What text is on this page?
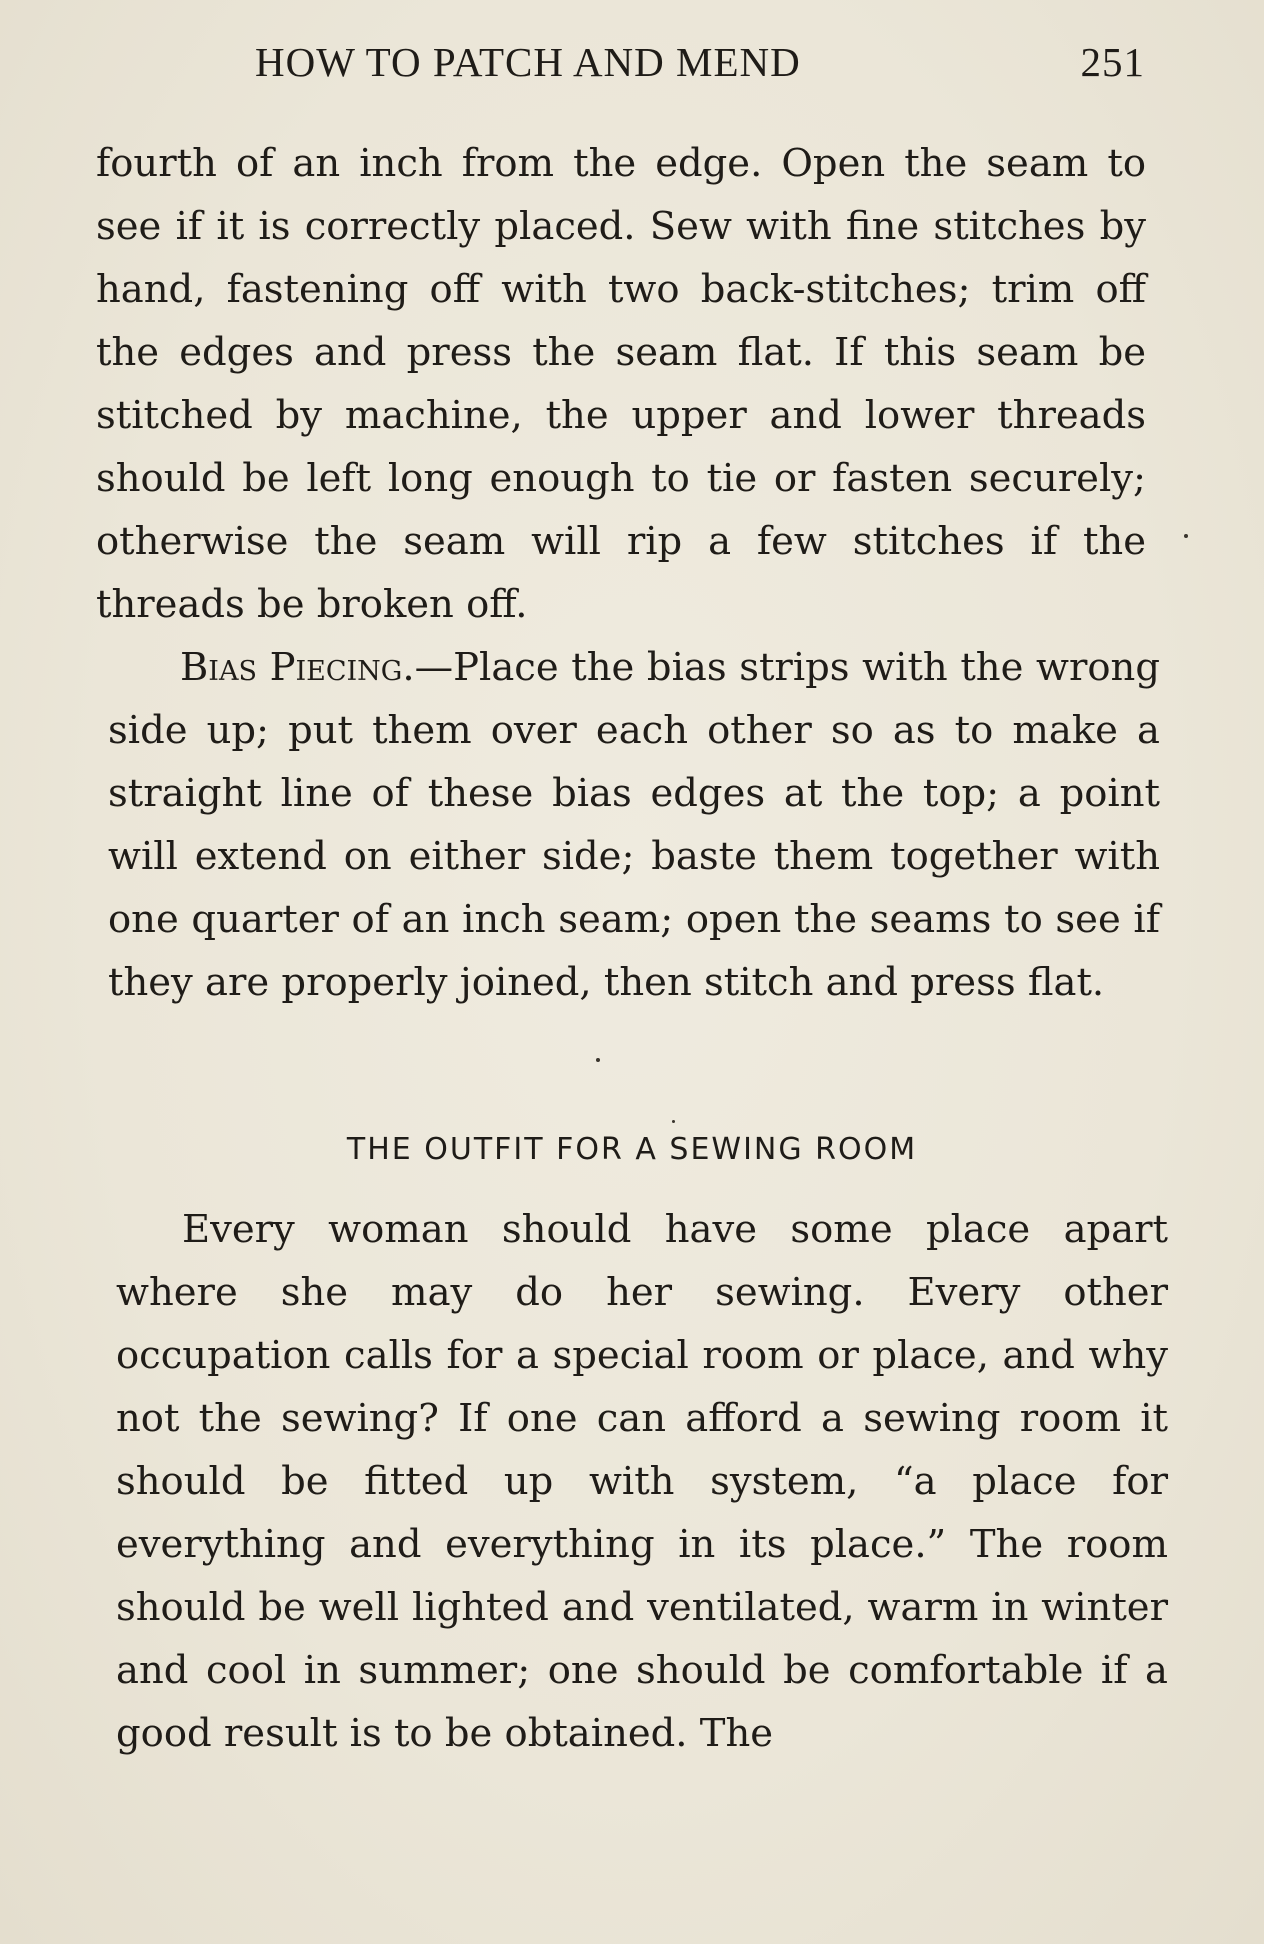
HOW TO PATCH AND MEND	251

fourth of an inch from the edge. Open the seam to see if it is correctly placed. Sew with fine stitches by hand, fastening off with two back-stitches; trim off the edges and press the seam flat. If this seam be stitched by machine, the upper and lower threads should be left long enough to tie or fasten securely; otherwise the seam will rip a few stitches if the threads be broken off.

Bias Piecing.—Place the bias strips with the wrong side up; put them over each other so as to make a straight line of these bias edges at the top; a point will extend on either side; baste them together with one quarter of an inch seam; open the seams to see if they are properly joined, then stitch and press flat.

THE OUTFIT FOR A SEWING ROOM

Every woman should have some place apart where she may do her sewing. Every other occupation calls for a special room or place, and why not the sewing? If one can afford a sewing room it should be fitted up with system, “a place for everything and everything in its place.” The room should be well lighted and ventilated, warm in winter and cool in summer; one should be comfortable if a good result is to be obtained. The
